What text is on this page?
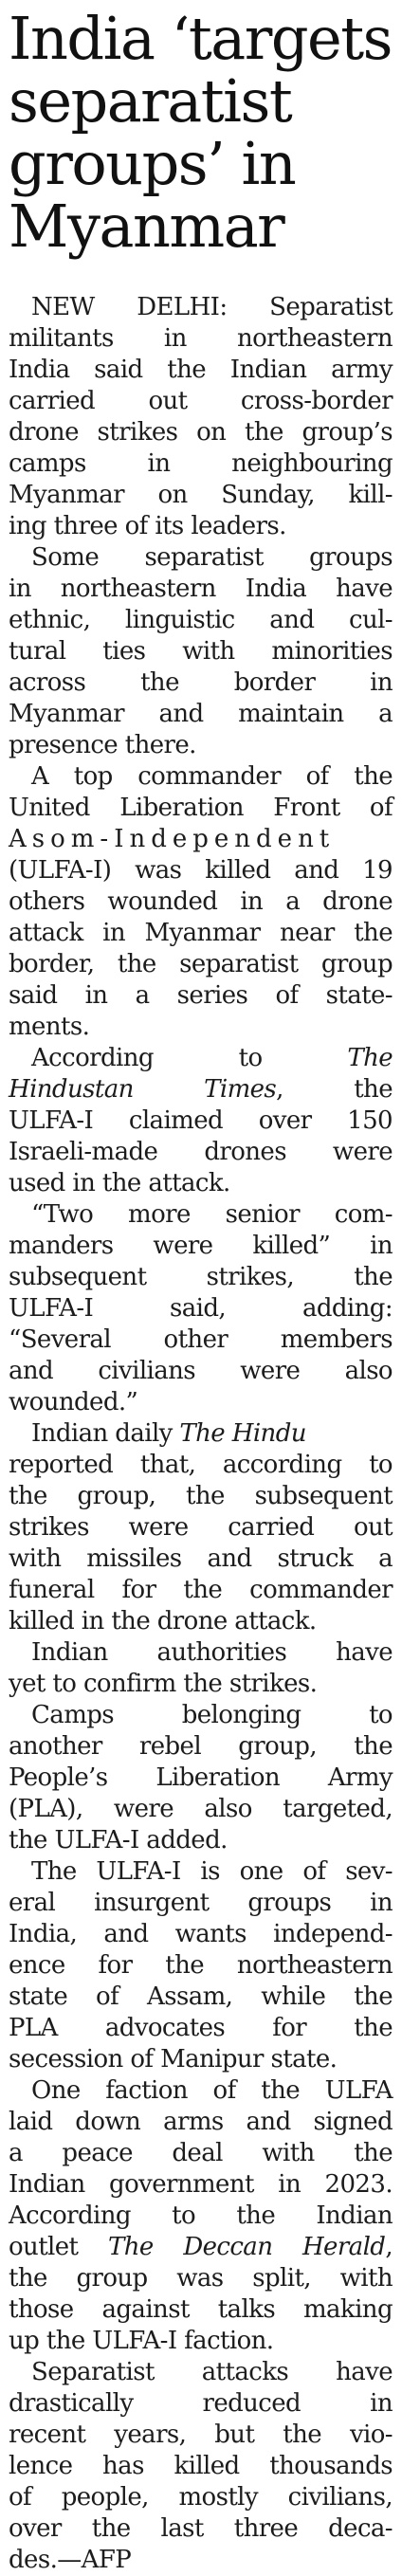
India ‘targets
separatist
groups’ in
Myanmar
NEW DELHI: Separatist
militants in northeastern
India said the Indian army
carried out cross-border
drone strikes on the group’s
camps in neighbouring
Myanmar on Sunday, kill-
ing three of its leaders.
Some separatist groups
in northeastern India have
ethnic, linguistic and cul-
tural ties with minorities
across the border in
Myanmar and maintain a
presence there.
A top commander of the
United Liberation Front of
Asom-Independent
(ULFA-I) was killed and 19
others wounded in a drone
attack in Myanmar near the
border, the separatist group
said in a series of state-
ments.
According to	The
Hindustan Times, the
ULFA-I claimed over 150
Israeli-made drones were
used in the attack.
“Two more senior com-
manders were killed” in
subsequent strikes, the
ULFA-I said, adding:
“Several other members
and civilians were also
wounded.”
Indian daily The Hindu
reported that, according to
the group, the subsequent
strikes were carried out
with missiles and struck a
funeral for the commander
killed in the drone attack.
Indian authorities have
yet to confirm the strikes.
Camps belonging to
another rebel group, the
People’s Liberation Army
(PLA), were also targeted,
the ULFA-I added.
The ULFA-I is one of sev-
eral insurgent groups in
India, and wants independ-
ence for the northeastern
state of Assam, while the
PLA advocates for the
secession of Manipur state.
One faction of the ULFA
laid down arms and signed
a peace deal with the
Indian government in 2023.
According to the Indian
outlet The Deccan Herald,
the group was split, with
those against talks making
up the ULFA-I faction.
Separatist attacks have
drastically reduced in
recent years, but the vio-
lence has killed thousands
of people, mostly civilians,
over the last three deca-
des.—AFP
